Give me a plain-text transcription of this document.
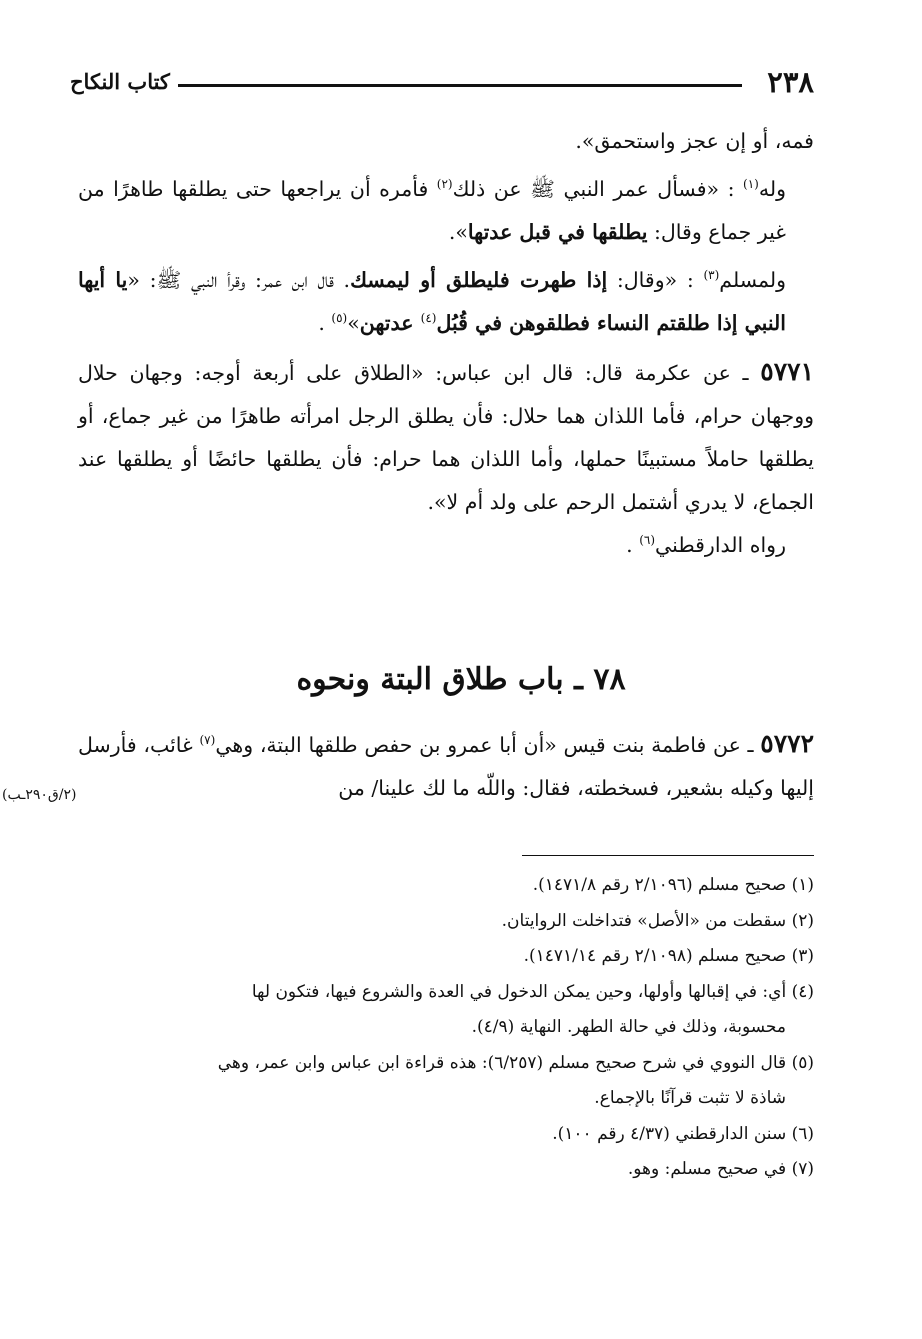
٢٣٨
كتاب النكاح

فمه، أو إن عجز واستحمق».

وله$^{(١)}$ : «فسأل عمر النبي ﷺ عن ذلك$^{(٢)}$ فأمره أن يراجعها حتى يطلقها طاهرًا من غير جماع وقال: يطلقها في قبل عدتها».

ولمسلم$^{(٣)}$ : «وقال: إذا طهرت فليطلق أو ليمسك. قال ابن عمر: وقرأ النبي ﷺ: «يا أيها النبي إذا طلقتم النساء فطلقوهن في قُبُل$^{(٤)}$ عدتهن»$^{(٥)}$ .

٥٧٧١ ـ عن عكرمة قال: قال ابن عباس: «الطلاق على أربعة أوجه: وجهان حلال ووجهان حرام، فأما اللذان هما حلال: فأن يطلق الرجل امرأته طاهرًا من غير جماع، أو يطلقها حاملاً مستبينًا حملها، وأما اللذان هما حرام: فأن يطلقها حائضًا أو يطلقها عند الجماع، لا يدري أشتمل الرحم على ولد أم لا».

رواه الدارقطني$^{(٦)}$ .

٧٨ ـ باب طلاق البتة ونحوه

٥٧٧٢ ـ عن فاطمة بنت قيس «أن أبا عمرو بن حفص طلقها البتة، وهي$^{(٧)}$ غائب، فأرسل إليها وكيله بشعير، فسخطته، فقال: واللّه ما لك علينا/ من

(٢/ق٢٩٠ـب)

(١) صحيح مسلم (٢/١٠٩٦ رقم ١٤٧١/٨).

(٢) سقطت من «الأصل» فتداخلت الروايتان.

(٣) صحيح مسلم (٢/١٠٩٨ رقم ١٤٧١/١٤).

(٤) أي: في إقبالها وأولها، وحين يمكن الدخول في العدة والشروع فيها، فتكون لها

محسوبة، وذلك في حالة الطهر. النهاية (٤/٩).

(٥) قال النووي في شرح صحيح مسلم (٦/٢٥٧): هذه قراءة ابن عباس وابن عمر، وهي

شاذة لا تثبت قرآنًا بالإجماع.

(٦) سنن الدارقطني (٤/٣٧ رقم ١٠٠).

(٧) في صحيح مسلم: وهو.
